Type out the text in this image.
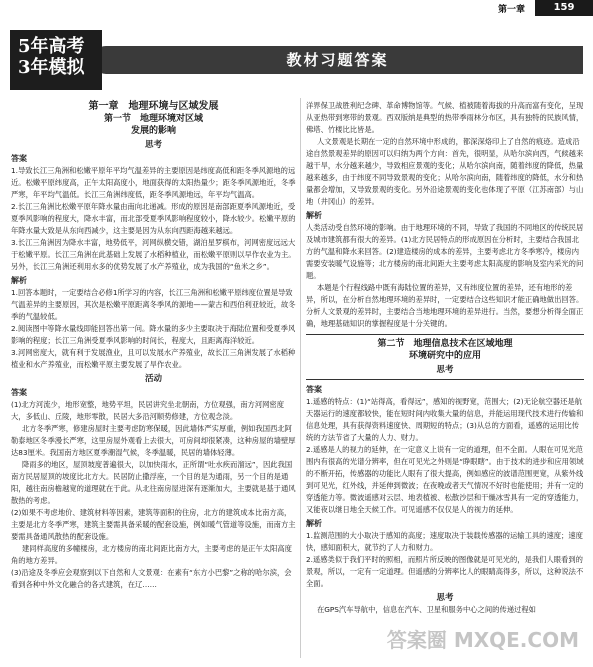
第一章	159
教材习题答案
5年高考
3年模拟
第一章　地理环境与区域发展
第一节　地理环境对区域
发展的影响
思考
答案

1.导致长江三角洲和松嫩平原年平均气温差异的主要原因是纬度高低和距冬季风源地的远近。松嫩平原纬度高，正午太阳高度小，地面获得的太阳热量少；距冬季风源地近，冬季严寒，年平均气温低。长江三角洲纬度低，距冬季风源地远，年平均气温高。

2.长江三角洲比松嫩平原年降水量由南向北递减。形成的原因是南部距夏季风源地近，受夏季风影响的程度大，降水丰富，而北部受夏季风影响程度较小，降水较少。松嫩平原的年降水量大致是从东向西减少，这主要是因为从东向西距海越来越远。

3.长江三角洲因为降水丰富，地势低平，河网纵横交错，湖泊星罗棋布，河网密度远远大于松嫩平原。长江三角洲在此基础上发展了水稻种植业，而松嫩平原则以早作农业为主。另外，长江三角洲还利用水多的优势发展了水产养殖业，成为我国的“鱼米之乡”。

解析

1.回答本题时，一定要结合必修1所学习的内容，长江三角洲和松嫩平原纬度位置是导致气温差异的主要原因，其次是松嫩平原距离冬季风的源地——蒙古和西伯利亚较近，故冬季的气温较低。

2.阅读图中等降水量线即能回答出第一问。降水量的多少主要取决于海陆位置和受夏季风影响的程度；长江三角洲受夏季风影响的时间长，程度大，且距离海洋较近。

3.河网密度大，就有利于发展渔业，且可以发展水产养殖业，故长江三角洲发展了水稻种植业和水产养殖业，而松嫩平原主要发展了旱作农业。

活动
答案

(1)北方河流少，地形宽整，地势平坦，民居讲究坐北朝南，方位观强，南方河网密度大，多低山、丘陵，地形零散，民居大多沿河顺势修建，方位观念淡。

北方冬季严寒，修建房屋时主要考虑防寒保暖，因此墙体严实厚重，例如我国西北阿勒泰地区冬季漫长严寒，这里房屋外观看上去很大，可房间却很紧凑，这种房屋的墙壁厚达83厘米。我国南方地区夏季潮湿气候，冬季温暖，民居的墙体轻薄。

降雨多的地区，屋顶坡度普遍很大，以加快雨水，正所谓“吐水疾而溜远”，因此我国南方民居屋顶的坡度比北方大。民居防止撒浮座，一个目的是为通雨，另一个目的是通阳，越往南房檐越宽的道理就在于此。从北往南房屋进深有逐渐加大，主要就是基于通风散热的考虑。

(2)如果不考虑地价、建筑材料等因素，建筑等面积的住房，北方的建筑成本比南方高，主要是北方冬季严寒，建筑主要需具备采暖的配套设施，例如暖气管道等设施，而南方主要需具备通风散热的配套设施。

建同样高度的多幢楼房，北方楼房的南北间距比南方大，主要考虑的是正午太阳高度角的地方差异。

(3)沿途及冬季应会观察到以下自然和人文景观：在素有“东方小巴黎”之称的哈尔滨，会看到各种中外文化融合的各式建筑，在辽……

洋界保卫战胜利纪念碑、革命博物馆等。气候、植被随着海拔的升高而富有变化，呈现从亚热带到寒带的景观。西双版纳是典型的热带季雨林分布区，具有独特的民族风情，佛塔、竹楼比比皆是。

人文景观是长期在一定的自然环境中形成的，都深深烙印上了自然的痕迹。造成沿途自然景观差异的原因可以归纳为两个方向：首先，很明显，从哈尔滨向西，气候越来越干旱，水分越来越少，导致相应景观的变化；从哈尔滨向南，随着纬度的降低，热量越来越多，由于纬度不同导致景观的变化；从哈尔滨向南，随着纬度的降低，水分和热量都会增加，又导致景观的变化。另外沿途景观的变化也体现了平原（江苏南部）与山地（井冈山）的差异。

解析

人类活动受自然环境的影响。由于地理环境的不同，导致了我国的不同地区的传统民居及城市建筑都有很大的差异。(1)北方民居特点的形成原因在分析时，主要结合我国北方的气温和降水来回答。(2)建造楼房的成本的差异，主要考虑北方冬季寒冷，楼房内需要安装暖气设施等；北方楼房的南北间距大主要考虑太阳高度的影响及室内采光的问题。

本题是个行程线路中既有海陆位置的差异，又有纬度位置的差异，还有地形的差异，所以，在分析自然地理环境的差异时，一定要结合这些知识才能正确地做出回答。分析人文景观的差异时，主要结合当地地理环境的差异进行。当然，要想分析得全面正确，地理基础知识的掌握程度是十分关键的。

第二节　地理信息技术在区域地理
环境研究中的应用
思考
答案

1.遥感的特点：(1)“站得高，看得远”，感知的视野宽，范围大；(2)无论航空器还是航天器运行的速度都较快，能在短时间内收集大量的信息，并能运用现代技术进行传输和信息处理，具有获得资料速度快、周期短的特点；(3)从总的方面看，遥感的运用比传统的方法节省了大量的人力、财力。

2.遥感是人的视力的延伸，在一定意义上说有一定的道理，但不全面。人眼在可见光范围内有很高的光谱分辨率，但在可见光之外则是“睁眼瞎”。由于技术的进步和应用领域的不断开拓，传感器的功能比人眼有了很大提高，例如感应的波谱范围更宽，从紫外线到可见光，红外线，并延伸到微波；在夜晚或者天气情况不好时也能使用；并有一定的穿透能力等。微波遥感对云层、地表植被、松散沙层和干燥冰雪具有一定的穿透能力，又能夜以继日地全天候工作。可见遥感不仅仅是人的视力的延伸。

解析

1.监测范围的大小取决于感知的高度；速度取决于装载传感器的运输工具的速度；速度快，感知面积大，就节约了人力和财力。

2.遥感类似于我们平时的照相，而照片所反映的图像就是可见光的，是我们人眼看到的景观，所以，一定有一定道理。但遥感的分辨率比人的眼睛高得多，所以，这种说法不全面。

思考

在GPS汽车导航中，信息在汽车、卫星和服务中心之间的传递过程如

答案圈 MXQE.COM
